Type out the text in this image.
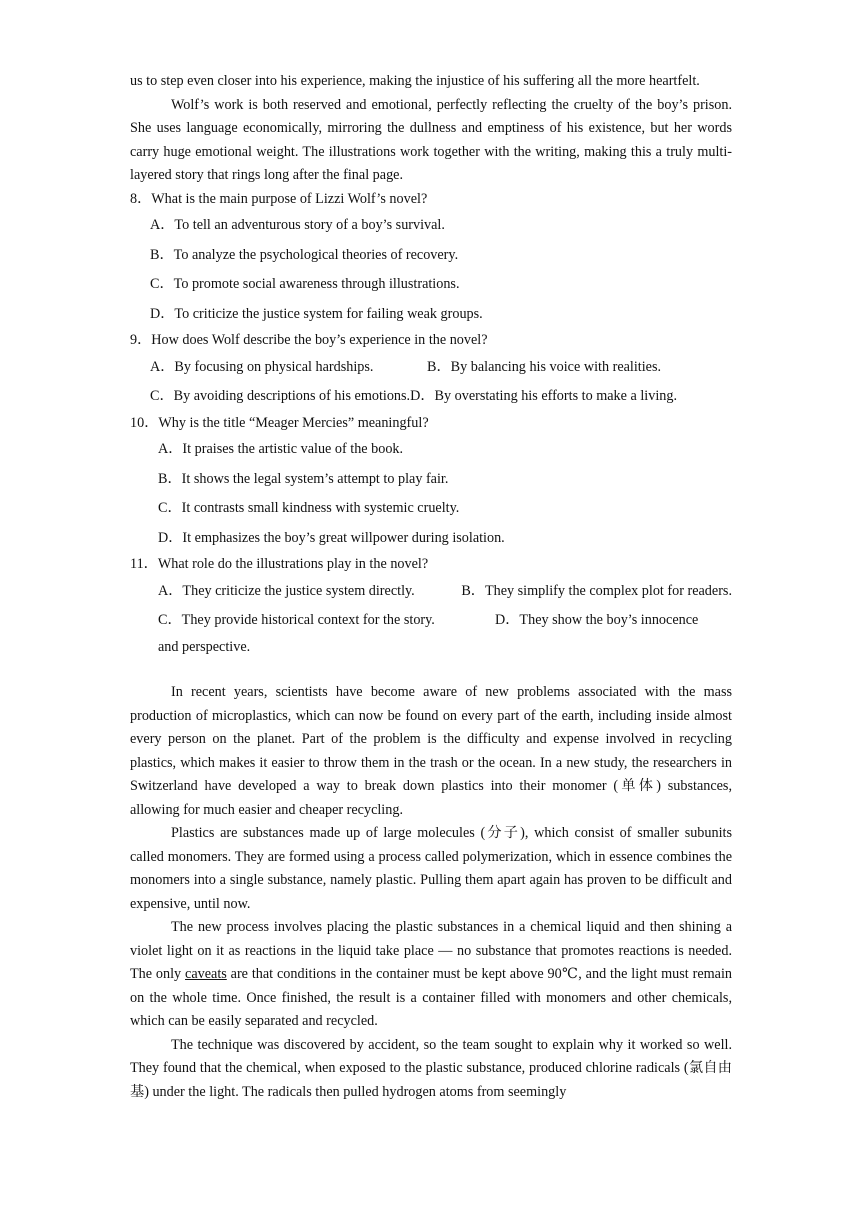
us to step even closer into his experience, making the injustice of his suffering all the more heartfelt.

Wolf’s work is both reserved and emotional, perfectly reflecting the cruelty of the boy’s prison. She uses language economically, mirroring the dullness and emptiness of his existence, but her words carry huge emotional weight. The illustrations work together with the writing, making this a truly multi-layered story that rings long after the final page.

8．What is the main purpose of Lizzi Wolf’s novel?

A．To tell an adventurous story of a boy’s survival.

B．To analyze the psychological theories of recovery.

C．To promote social awareness through illustrations.

D．To criticize the justice system for failing weak groups.

9．How does Wolf describe the boy’s experience in the novel?

A．By focusing on physical hardships.	B．By balancing his voice with realities.
C．By avoiding descriptions of his emotions. D．By overstating his efforts to make a living.

10．Why is the title “Meager Mercies” meaningful?

A．It praises the artistic value of the book.

B．It shows the legal system’s attempt to play fair.

C．It contrasts small kindness with systemic cruelty.

D．It emphasizes the boy’s great willpower during isolation.

11．What role do the illustrations play in the novel?

A．They criticize the justice system directly.	B．They simplify the complex plot for readers.
C．They provide historical context for the story.	D．They show the boy’s innocence

and perspective.

In recent years, scientists have become aware of new problems associated with the mass production of microplastics, which can now be found on every part of the earth, including inside almost every person on the planet. Part of the problem is the difficulty and expense involved in recycling plastics, which makes it easier to throw them in the trash or the ocean. In a new study, the researchers in Switzerland have developed a way to break down plastics into their monomer (单体) substances, allowing for much easier and cheaper recycling.

Plastics are substances made up of large molecules (分子), which consist of smaller subunits called monomers. They are formed using a process called polymerization, which in essence combines the monomers into a single substance, namely plastic. Pulling them apart again has proven to be difficult and expensive, until now.

The new process involves placing the plastic substances in a chemical liquid and then shining a violet light on it as reactions in the liquid take place — no substance that promotes reactions is needed. The only caveats are that conditions in the container must be kept above 90℃, and the light must remain on the whole time. Once finished, the result is a container filled with monomers and other chemicals, which can be easily separated and recycled.

The technique was discovered by accident, so the team sought to explain why it worked so well. They found that the chemical, when exposed to the plastic substance, produced chlorine radicals (氯自由基) under the light. The radicals then pulled hydrogen atoms from seemingly
